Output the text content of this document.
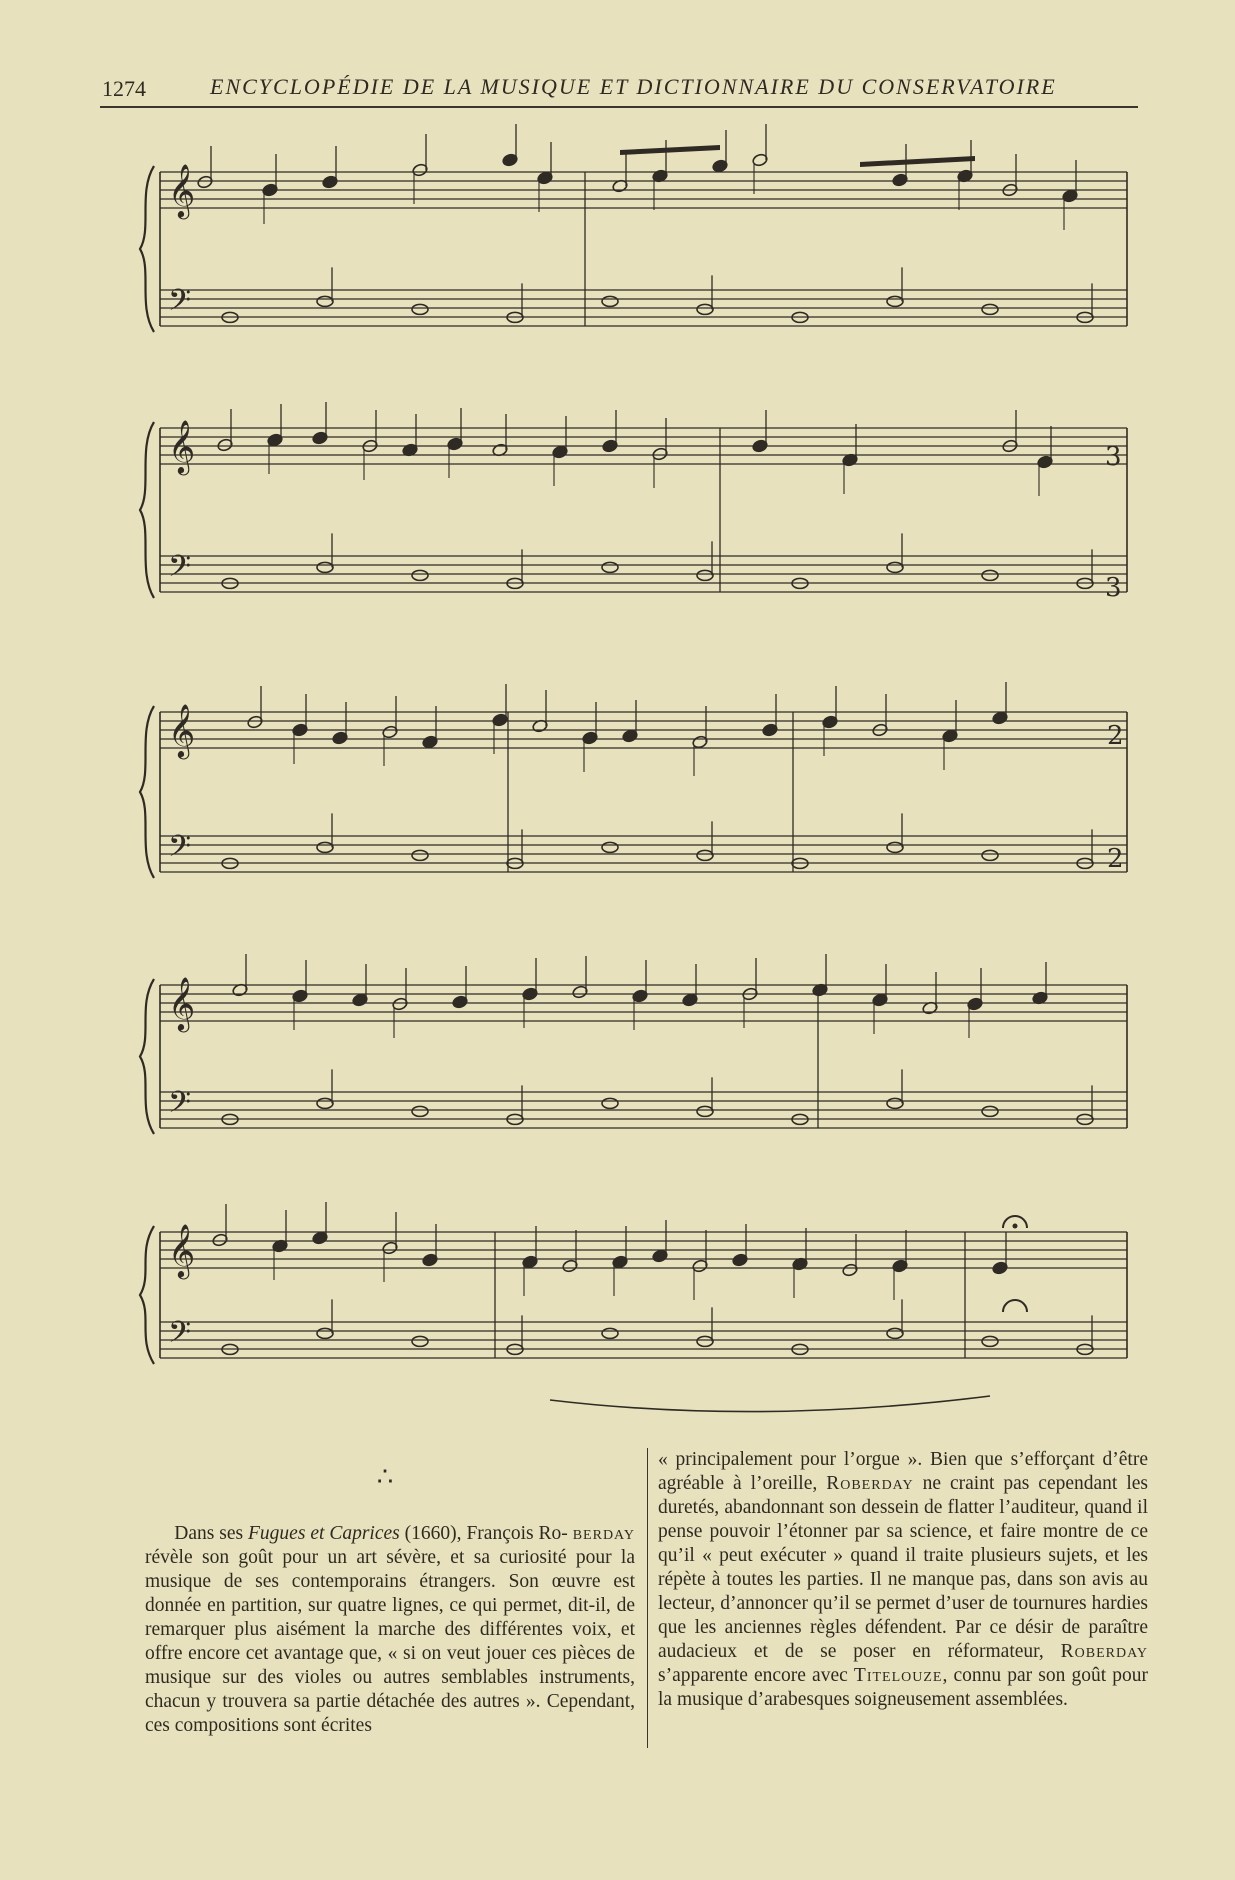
1274	ENCYCLOPÉDIE DE LA MUSIQUE ET DICTIONNAIRE DU CONSERVATOIRE
𝄞
𝄢
𝄞
𝄢
𝄞
𝄢
𝄞
𝄢
𝄞
𝄢
3
3
2
2
∴

Dans ses Fugues et Caprices (1660), François Ro- berday révèle son goût pour un art sévère, et sa curiosité pour la musique de ses contemporains étrangers. Son œuvre est donnée en partition, sur quatre lignes, ce qui permet, dit-il, de remarquer plus aisément la marche des différentes voix, et offre encore cet avantage que, « si on veut jouer ces pièces de musique sur des violes ou autres semblables instruments, chacun y trouvera sa partie détachée des autres ». Cependant, ces compositions sont écrites

« principalement pour l’orgue ». Bien que s’efforçant d’être agréable à l’oreille, Roberday ne craint pas cependant les duretés, abandonnant son dessein de flatter l’auditeur, quand il pense pouvoir l’étonner par sa science, et faire montre de ce qu’il « peut exécuter » quand il traite plusieurs sujets, et les répète à toutes les parties. Il ne manque pas, dans son avis au lecteur, d’annoncer qu’il se permet d’user de tournures hardies que les anciennes règles défendent. Par ce désir de paraître audacieux et de se poser en réformateur, Roberday s’apparente encore avec Titelouze, connu par son goût pour la musique d’arabesques soigneusement assemblées.
